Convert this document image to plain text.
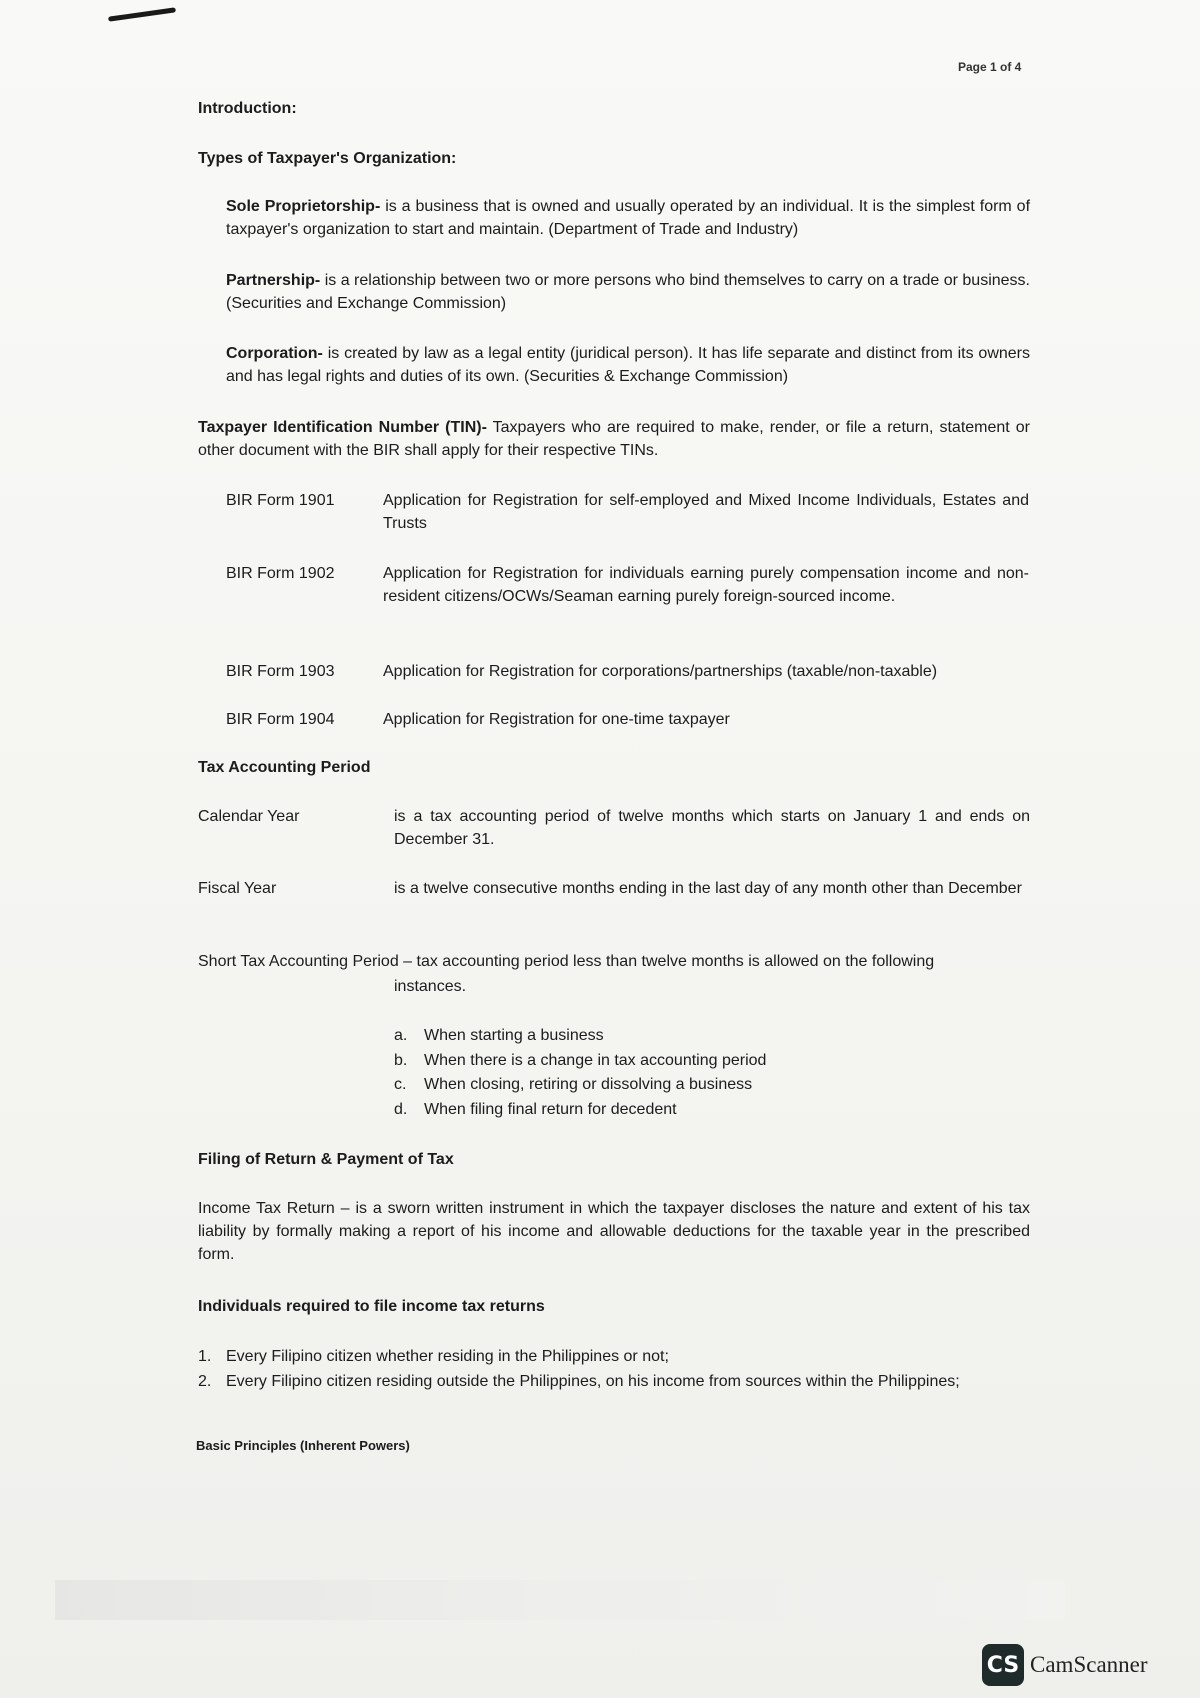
Page 1 of 4
Introduction:
Types of Taxpayer's Organization:
Sole Proprietorship- is a business that is owned and usually operated by an individual. It is the simplest form of taxpayer's organization to start and maintain. (Department of Trade and Industry)
Partnership- is a relationship between two or more persons who bind themselves to carry on a trade or business. (Securities and Exchange Commission)
Corporation- is created by law as a legal entity (juridical person). It has life separate and distinct from its owners and has legal rights and duties of its own. (Securities & Exchange Commission)
Taxpayer Identification Number (TIN)- Taxpayers who are required to make, render, or file a return, statement or other document with the BIR shall apply for their respective TINs.
BIR Form 1901	Application for Registration for self-employed and Mixed Income Individuals, Estates and Trusts
BIR Form 1902	Application for Registration for individuals earning purely compensation income and non-resident citizens/OCWs/Seaman earning purely foreign-sourced income.
BIR Form 1903	Application for Registration for corporations/partnerships (taxable/non-taxable)
BIR Form 1904	Application for Registration for one-time taxpayer
Tax Accounting Period
Calendar Year	is a tax accounting period of twelve months which starts on January 1 and ends on December 31.
Fiscal Year	is a twelve consecutive months ending in the last day of any month other than December
Short Tax Accounting Period – tax accounting period less than twelve months is allowed on the following
instances.
a. When starting a business
b. When there is a change in tax accounting period
c. When closing, retiring or dissolving a business
d. When filing final return for decedent
Filing of Return & Payment of Tax
Income Tax Return – is a sworn written instrument in which the taxpayer discloses the nature and extent of his tax liability by formally making a report of his income and allowable deductions for the taxable year in the prescribed form.
Individuals required to file income tax returns
1. Every Filipino citizen whether residing in the Philippines or not;
2. Every Filipino citizen residing outside the Philippines, on his income from sources within the Philippines;
Basic Principles (Inherent Powers)
CS CamScanner
